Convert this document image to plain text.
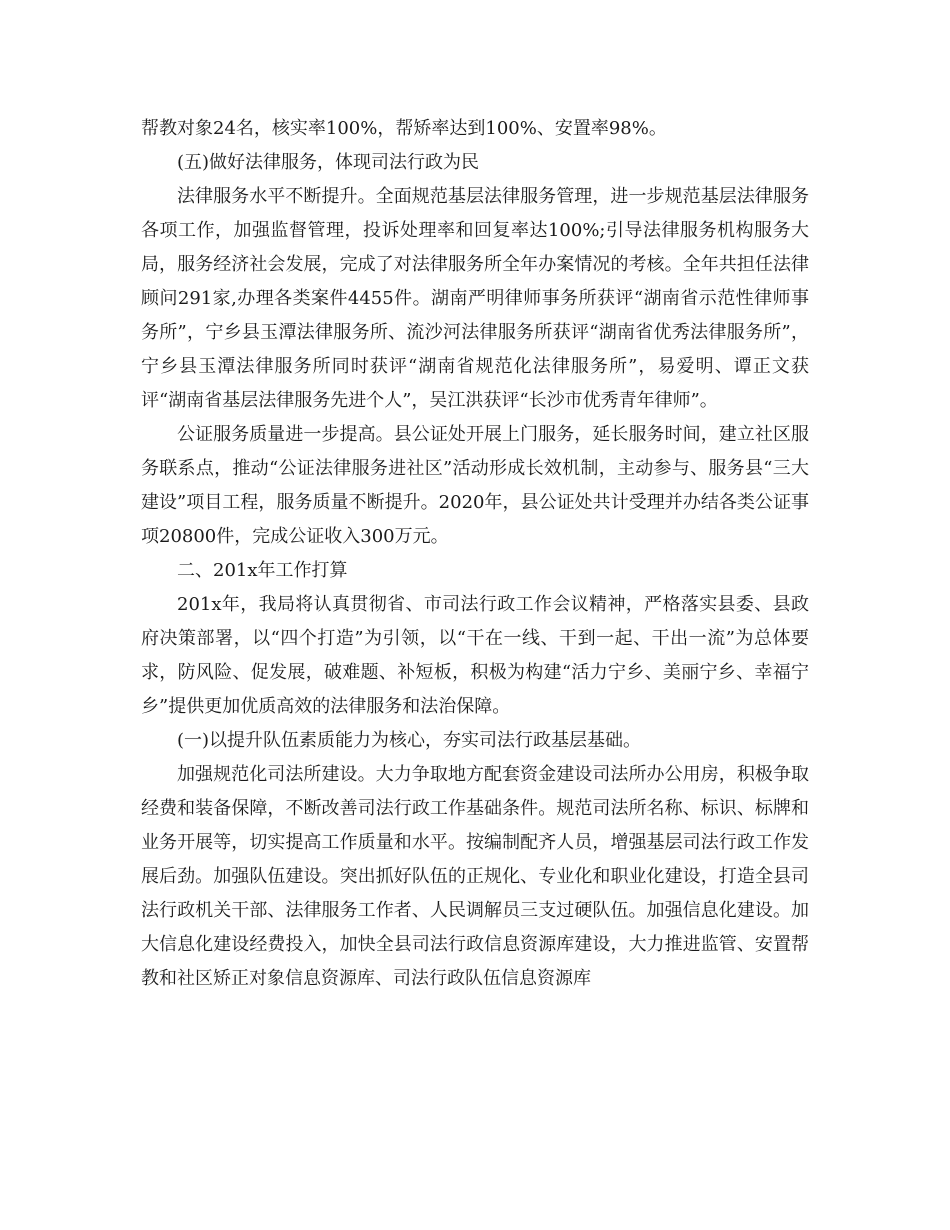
帮教对象24名，核实率100%，帮矫率达到100%、安置率98%。

(五)做好法律服务，体现司法行政为民

法律服务水平不断提升。全面规范基层法律服务管理，进一步规范基层法律服务各项工作，加强监督管理，投诉处理率和回复率达100%;引导法律服务机构服务大局，服务经济社会发展，完成了对法律服务所全年办案情况的考核。全年共担任法律顾问291家,办理各类案件4455件。湖南严明律师事务所获评“湖南省示范性律师事务所”，宁乡县玉潭法律服务所、流沙河法律服务所获评“湖南省优秀法律服务所”，宁乡县玉潭法律服务所同时获评“湖南省规范化法律服务所”，易爱明、谭正文获评“湖南省基层法律服务先进个人”，吴江洪获评“长沙市优秀青年律师”。

公证服务质量进一步提高。县公证处开展上门服务，延长服务时间，建立社区服务联系点，推动“公证法律服务进社区”活动形成长效机制，主动参与、服务县“三大建设”项目工程，服务质量不断提升。2020年，县公证处共计受理并办结各类公证事项20800件，完成公证收入300万元。

二、201x年工作打算

201x年，我局将认真贯彻省、市司法行政工作会议精神，严格落实县委、县政府决策部署，以“四个打造”为引领，以“干在一线、干到一起、干出一流”为总体要求，防风险、促发展，破难题、补短板，积极为构建“活力宁乡、美丽宁乡、幸福宁乡”提供更加优质高效的法律服务和法治保障。

(一)以提升队伍素质能力为核心，夯实司法行政基层基础。

加强规范化司法所建设。大力争取地方配套资金建设司法所办公用房，积极争取经费和装备保障，不断改善司法行政工作基础条件。规范司法所名称、标识、标牌和业务开展等，切实提高工作质量和水平。按编制配齐人员，增强基层司法行政工作发展后劲。加强队伍建设。突出抓好队伍的正规化、专业化和职业化建设，打造全县司法行政机关干部、法律服务工作者、人民调解员三支过硬队伍。加强信息化建设。加大信息化建设经费投入，加快全县司法行政信息资源库建设，大力推进监管、安置帮教和社区矫正对象信息资源库、司法行政队伍信息资源库
